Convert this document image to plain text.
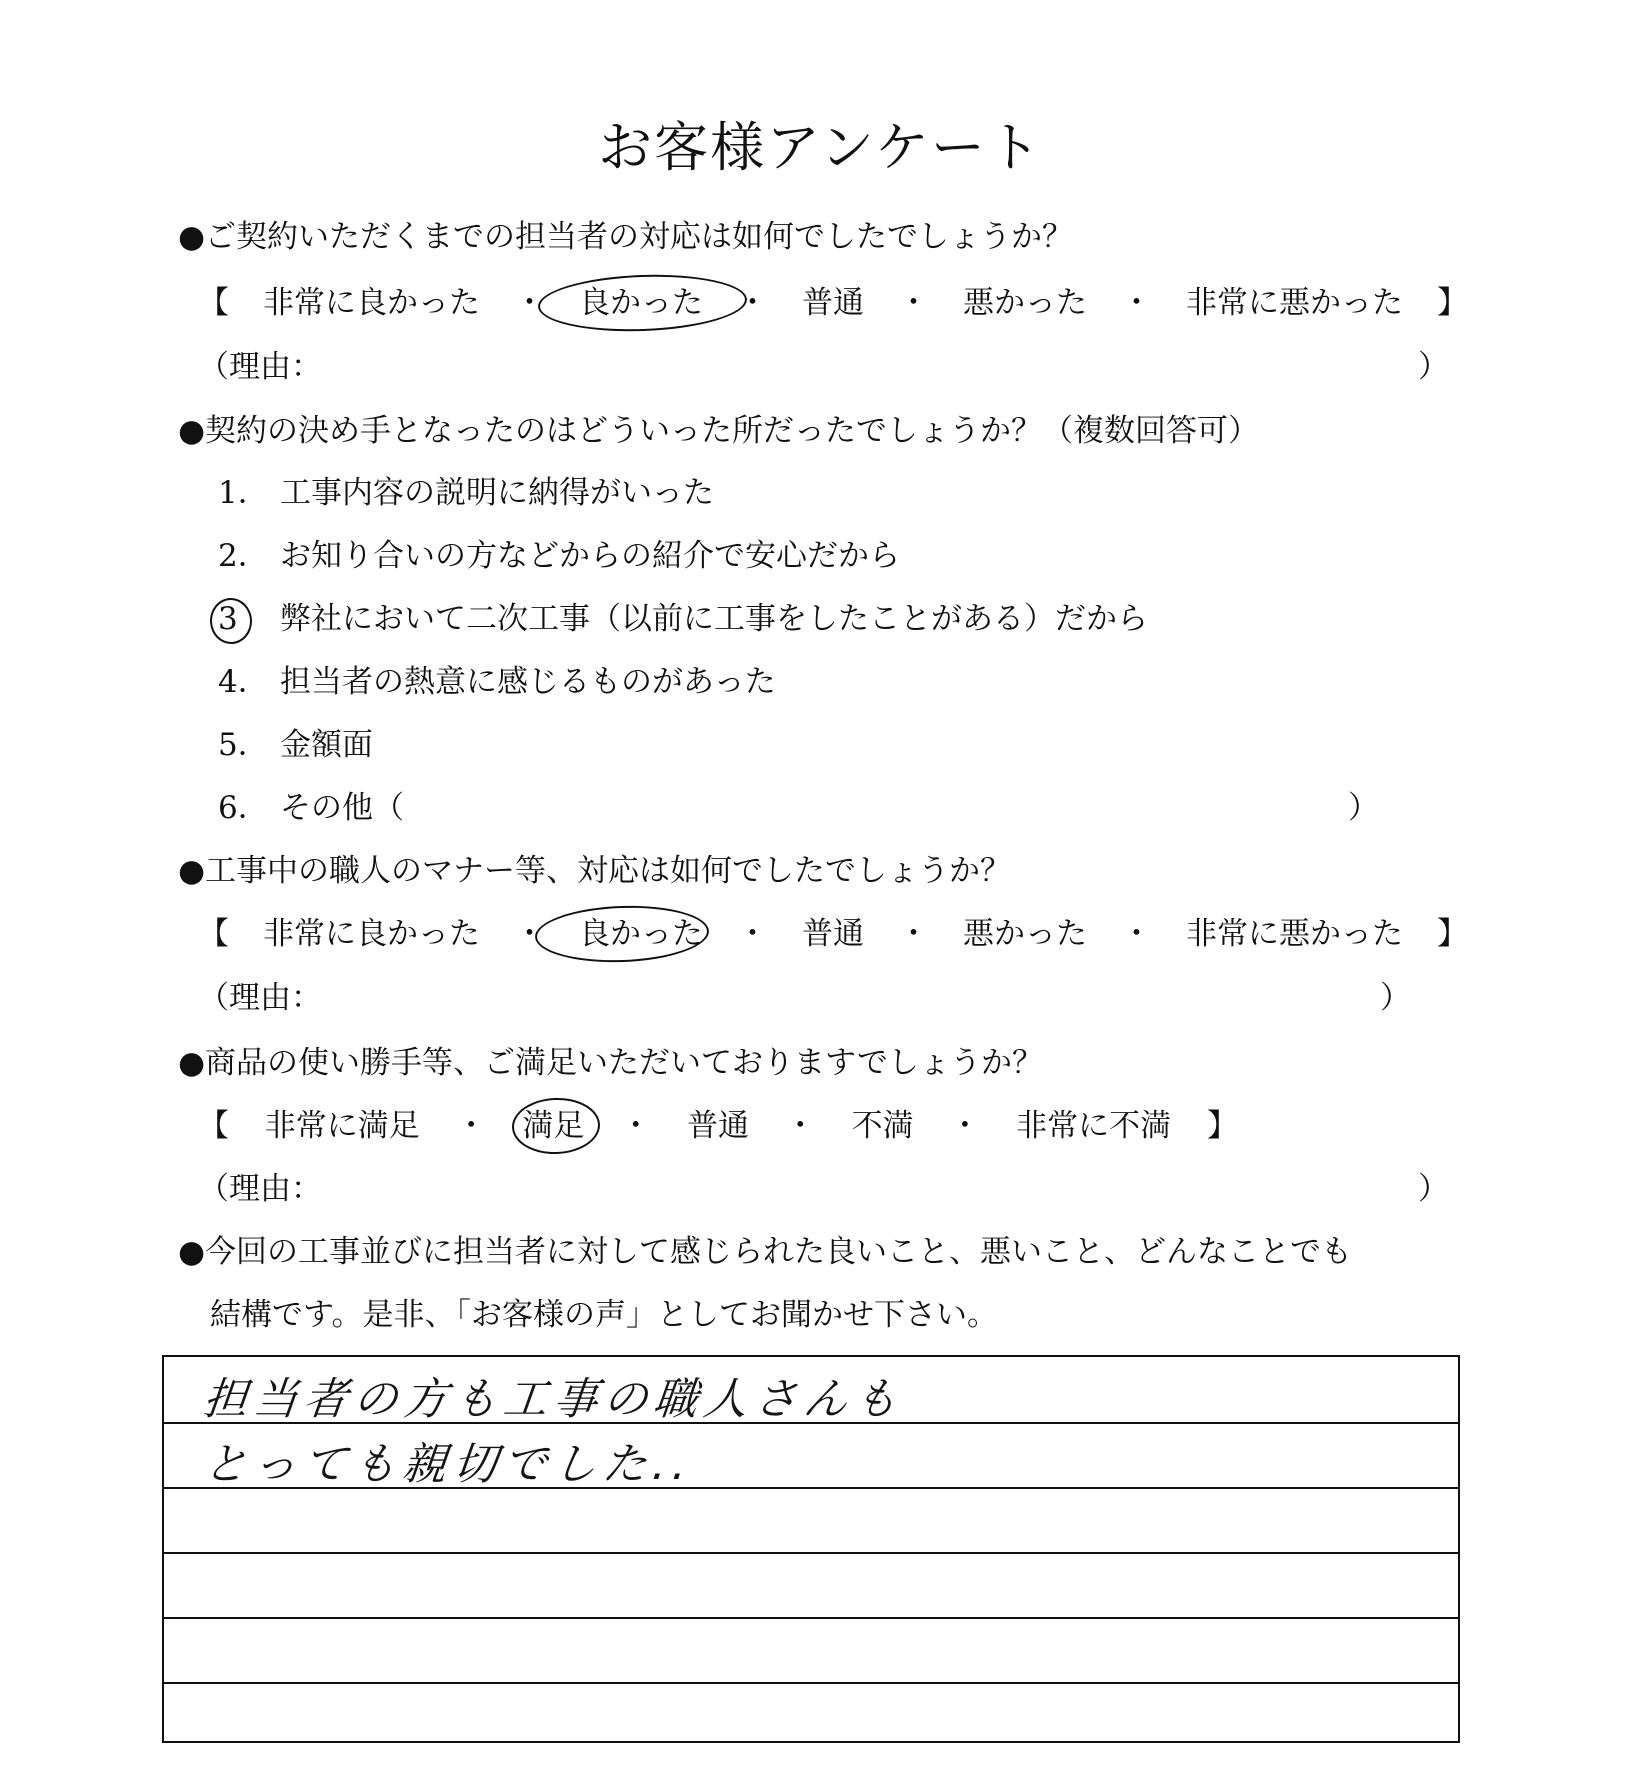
お客様アンケート
●ご契約いただくまでの担当者の対応は如何でしたでしょうか？
【 非常に良かった ・ 良かった ・ 普通 ・ 悪かった ・ 非常に悪かった 】
（理由：	）
●契約の決め手となったのはどういった所だったでしょうか？（複数回答可）
1． 工事内容の説明に納得がいった
2． お知り合いの方などからの紹介で安心だから
3 弊社において二次工事（以前に工事をしたことがある）だから
4． 担当者の熱意に感じるものがあった
5． 金額面
6． その他（	）
●工事中の職人のマナー等、対応は如何でしたでしょうか？
【 非常に良かった ・ 良かった ・ 普通 ・ 悪かった ・ 非常に悪かった 】
（理由：	）
●商品の使い勝手等、ご満足いただいておりますでしょうか？
【 非常に満足 ・ 満足 ・ 普通 ・ 不満 ・ 非常に不満 】
（理由：	）
●今回の工事並びに担当者に対して感じられた良いこと、悪いこと、どんなことでも
結構です。是非、「お客様の声」としてお聞かせ下さい。
担当者の方も工事の職人さんも
とっても親切でした..
